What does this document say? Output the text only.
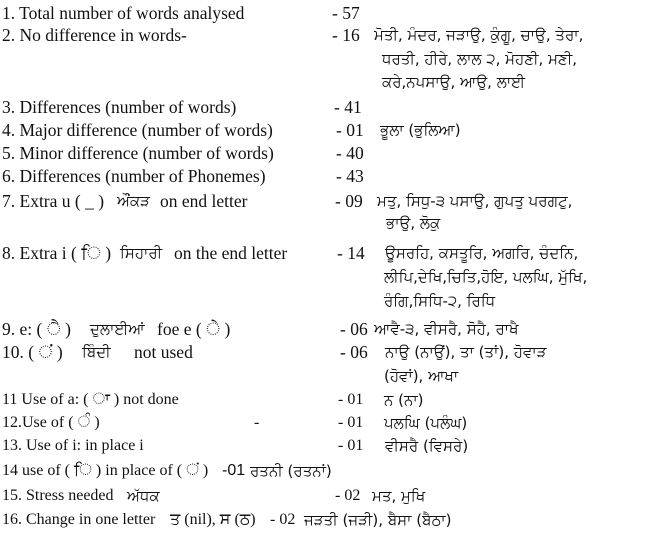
1. Total number of words analysed	- 57
2. No difference in words-	- 16 ਮੋਤੀ, ਮੰਦਰ, ਜੜਾਉ, ਕੁੰਗੂ, ਚਾਉ, ਤੇਰਾ,
ਧਰਤੀ, ਹੀਰੇ, ਲਾਲ ੨, ਮੋਹਣੀ, ਮਣੀ,
ਕਰੇ,ਨਪਸਾਉ, ਆਉ, ਲਾਈ
3. Differences (number of words)	- 41
4. Major difference (number of words)	- 01 ਭੂਲਾ (ਭੁਲਿਆ)
5. Minor difference (number of words)	- 40
6. Differences (number of Phonemes)	- 43
7. Extra u ( _ ) ਔਂਕੜ on end letter	- 09 ਮਤੁ, ਸਿਧੁ-੩ ਪਸਾਉ, ਗੁਪਤੁ ਪਰਗਟੁ,
ਭਾਉ, ਲੋਕੁ
8. Extra i ( ਿ ) ਸਿਹਾਰੀ on the end letter	- 14 ਊਸਰਹਿ, ਕਸਤੂਰਿ, ਅਗਰਿ, ਚੰਦਨਿ,
ਲੀਪਿ,ਦੇਖਿ,ਚਿਤਿ,ਹੋਇ, ਪਲਘਿ, ਮੁੱਖਿ,
ਰੰਗਿ,ਸਿਧਿ-੨, ਰਿਧਿ
9. e: ( ੈ ) ਦੁਲਾਈਆਂ foe e ( ੇ )	- 06 ਆਵੈ-੩, ਵੀਸਰੈ, ਸੋਹੈ, ਰਾਖੈ
10. ( ਂ ) ਬਿੰਦੀ not used	- 06 ਨਾਉ (ਨਾਉਂ), ਤਾ (ਤਾਂ), ਹੋਵਾੜ
(ਹੋਵਾਂ), ਆਖਾ
11 Use of a: ( ਾ ) not done	- 01 ਨ (ਨਾ)
12.Use of ( ੰ )	-	- 01 ਪਲਘਿ (ਪਲੰਘ)
13. Use of i: in place i	- 01 ਵੀਸਰੈ (ਵਿਸਰੇ)
14 use of ( ਿ ) in place of ( ਂ ) -01 ਰਤਨੀ (ਰਤਨਾਂ)
15. Stress needed ਅੱਧਕ	- 02 ਮਤ, ਮੁਖਿ
16. Change in one letter ਤ (nil), ਸ (ਠ) - 02 ਜੜਤੀ (ਜੜੀ), ਬੈਸਾ (ਬੈਠਾ)
